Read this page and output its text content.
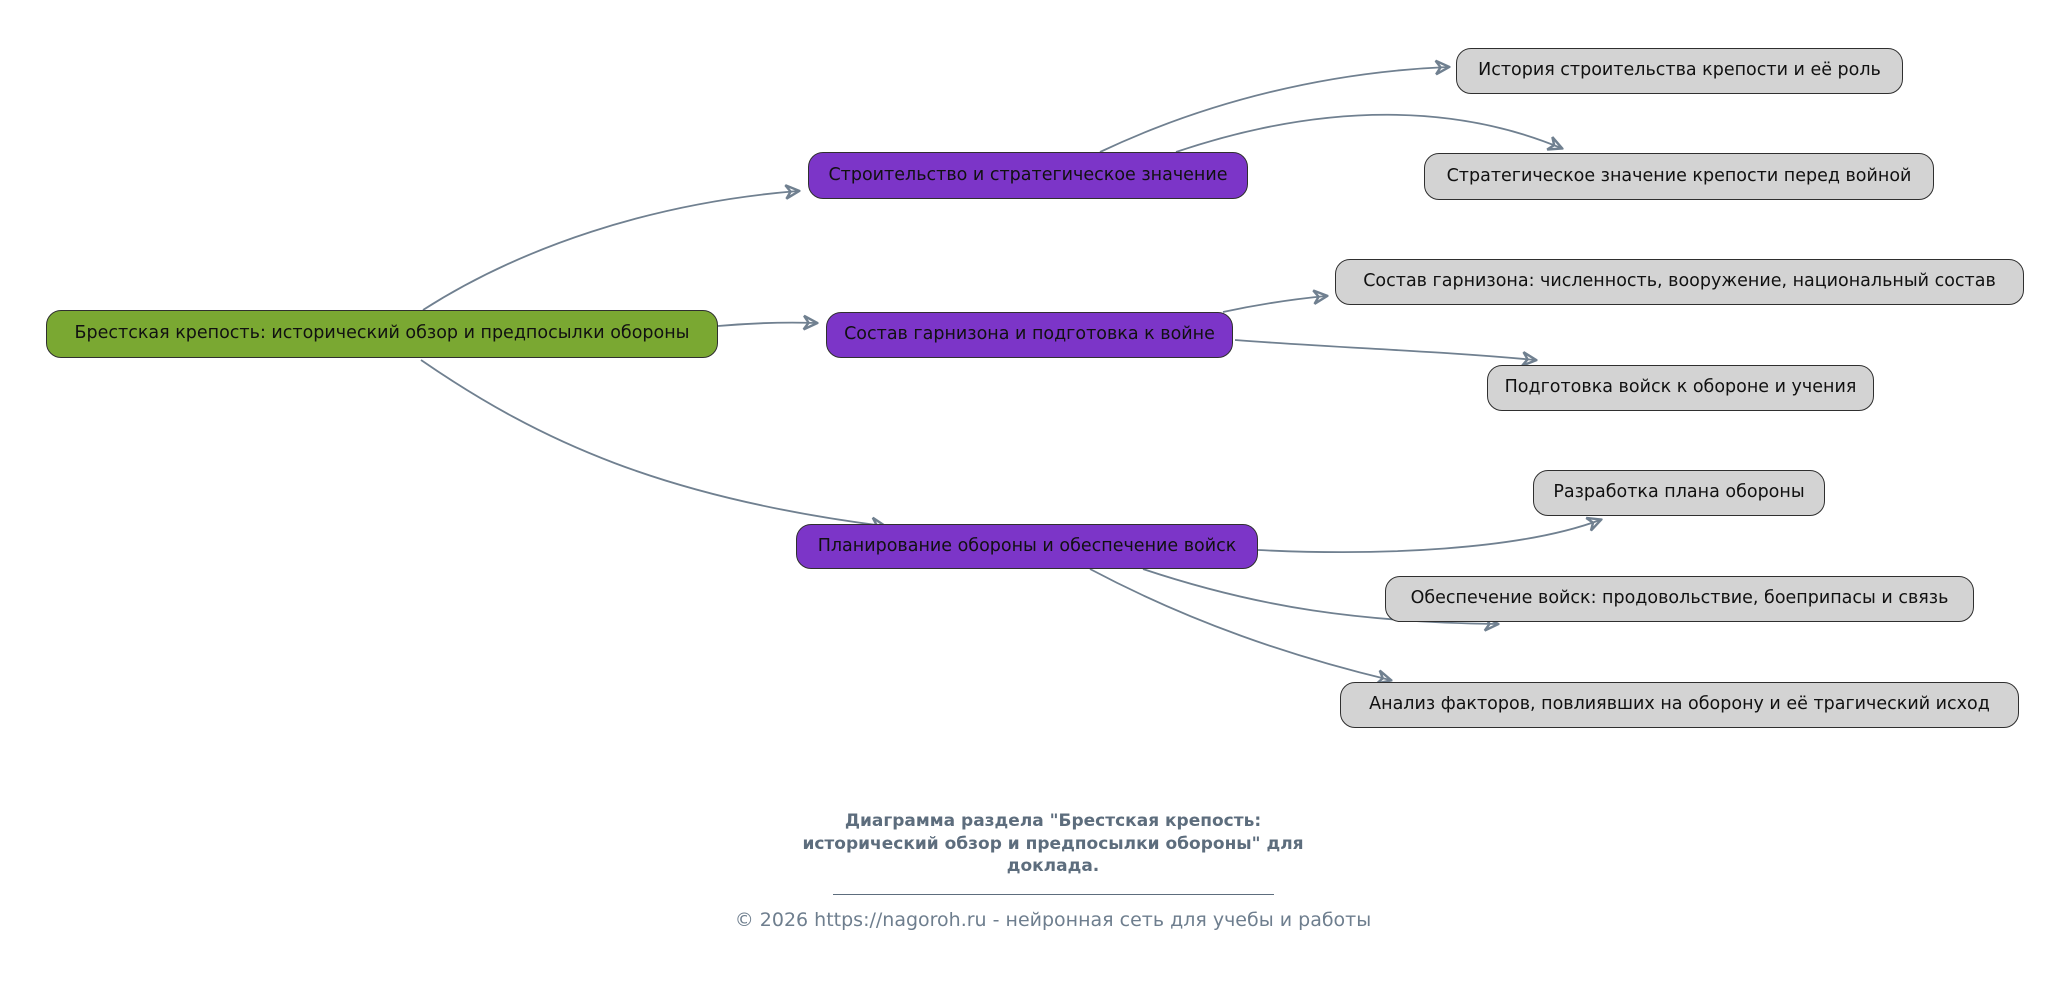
Брестская крепость: исторический обзор и предпосылки обороны
Строительство и стратегическое значение
Состав гарнизона и подготовка к войне
Планирование обороны и обеспечение войск
История строительства крепости и её роль
Стратегическое значение крепости перед войной
Состав гарнизона: численность, вооружение, национальный состав
Подготовка войск к обороне и учения
Разработка плана обороны
Обеспечение войск: продовольствие, боеприпасы и связь
Анализ факторов, повлиявших на оборону и её трагический исход
Диаграмма раздела "Брестская крепость: исторический обзор и предпосылки обороны" для доклада.
© 2026 https://nagoroh.ru - нейронная сеть для учебы и работы
